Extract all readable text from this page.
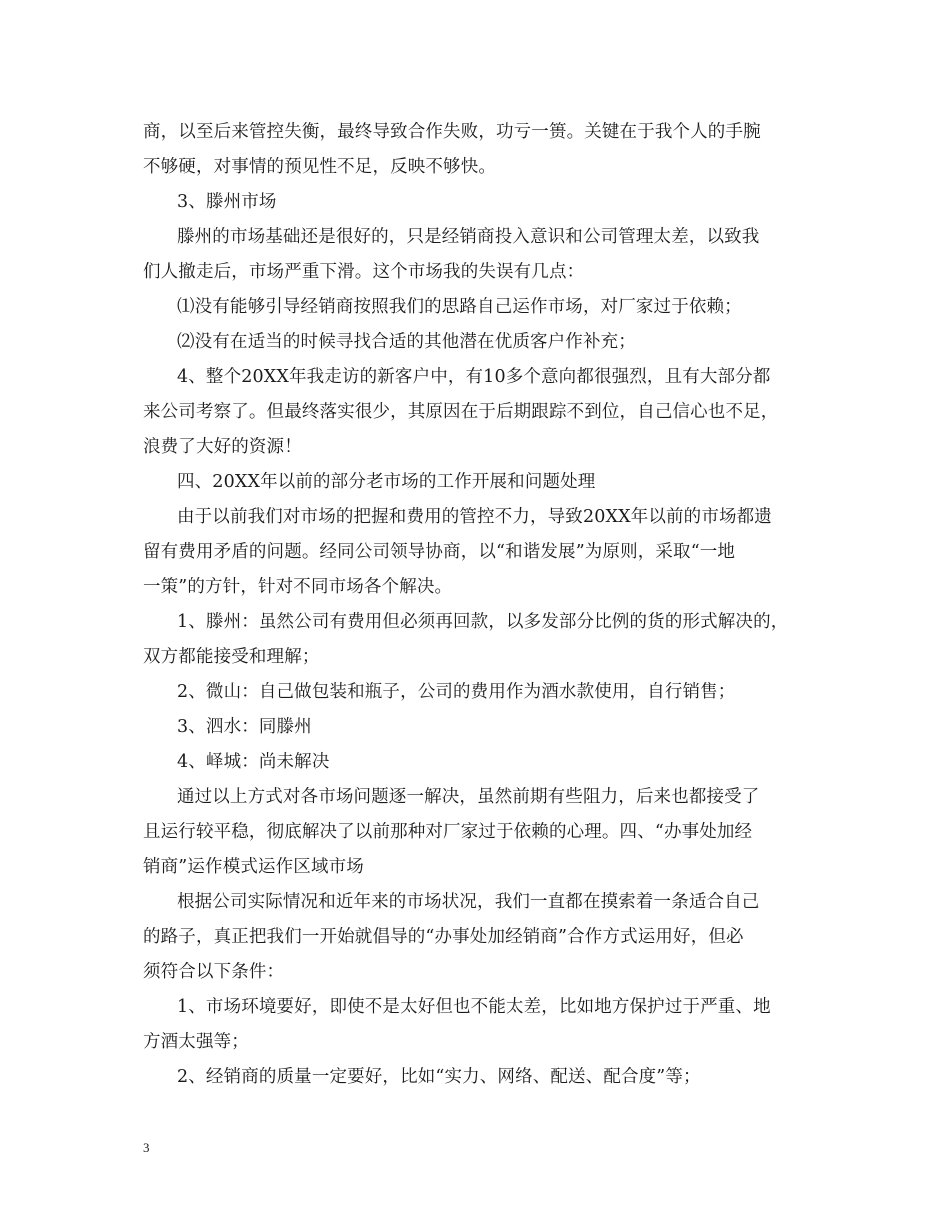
商，以至后来管控失衡，最终导致合作失败，功亏一篑。关键在于我个人的手腕
不够硬，对事情的预见性不足，反映不够快。
3、滕州市场
滕州的市场基础还是很好的，只是经销商投入意识和公司管理太差，以致我
们人撤走后，市场严重下滑。这个市场我的失误有几点：
⑴没有能够引导经销商按照我们的思路自己运作市场，对厂家过于依赖；
⑵没有在适当的时候寻找合适的其他潜在优质客户作补充；
4、整个20XX年我走访的新客户中，有10多个意向都很强烈，且有大部分都
来公司考察了。但最终落实很少，其原因在于后期跟踪不到位，自己信心也不足，
浪费了大好的资源！
四、20XX年以前的部分老市场的工作开展和问题处理
由于以前我们对市场的把握和费用的管控不力，导致20XX年以前的市场都遗
留有费用矛盾的问题。经同公司领导协商，以“和谐发展”为原则，采取“一地
一策”的方针，针对不同市场各个解决。
1、滕州：虽然公司有费用但必须再回款，以多发部分比例的货的形式解决的，
双方都能接受和理解；
2、微山：自己做包装和瓶子，公司的费用作为酒水款使用，自行销售；
3、泗水：同滕州
4、峄城：尚未解决
通过以上方式对各市场问题逐一解决，虽然前期有些阻力，后来也都接受了
且运行较平稳，彻底解决了以前那种对厂家过于依赖的心理。四、“办事处加经
销商”运作模式运作区域市场
根据公司实际情况和近年来的市场状况，我们一直都在摸索着一条适合自己
的路子，真正把我们一开始就倡导的“办事处加经销商”合作方式运用好，但必
须符合以下条件：
1、市场环境要好，即使不是太好但也不能太差，比如地方保护过于严重、地
方酒太强等；
2、经销商的质量一定要好，比如“实力、网络、配送、配合度”等；
3
